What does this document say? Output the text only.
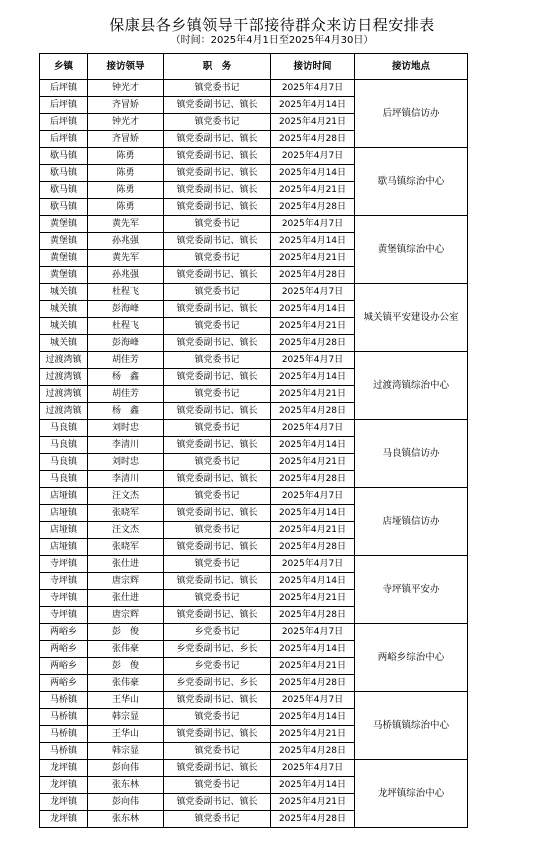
保康县各乡镇领导干部接待群众来访日程安排表
（时间：2025年4月1日至2025年4月30日）
乡镇	接访领导	职　务	接访时间	接访地点
后坪镇	钟光才	镇党委书记	2025年4月7日	后坪镇信访办
后坪镇	齐冒娇	镇党委副书记、镇长	2025年4月14日	
后坪镇	钟光才	镇党委书记	2025年4月21日	
后坪镇	齐冒娇	镇党委副书记、镇长	2025年4月28日	
歇马镇	陈勇	镇党委副书记、镇长	2025年4月7日	歇马镇综治中心
歇马镇	陈勇	镇党委副书记、镇长	2025年4月14日	
歇马镇	陈勇	镇党委副书记、镇长	2025年4月21日	
歇马镇	陈勇	镇党委副书记、镇长	2025年4月28日	
黄堡镇	黄先军	镇党委书记	2025年4月7日	黄堡镇综治中心
黄堡镇	孙兆强	镇党委副书记、镇长	2025年4月14日	
黄堡镇	黄先军	镇党委书记	2025年4月21日	
黄堡镇	孙兆强	镇党委副书记、镇长	2025年4月28日	
城关镇	杜程飞	镇党委书记	2025年4月7日	城关镇平安建设办公室
城关镇	彭海峰	镇党委副书记、镇长	2025年4月14日	
城关镇	杜程飞	镇党委书记	2025年4月21日	
城关镇	彭海峰	镇党委副书记、镇长	2025年4月28日	
过渡湾镇	胡佳芳	镇党委书记	2025年4月7日	过渡湾镇综治中心
过渡湾镇	杨　鑫	镇党委副书记、镇长	2025年4月14日	
过渡湾镇	胡佳芳	镇党委书记	2025年4月21日	
过渡湾镇	杨　鑫	镇党委副书记、镇长	2025年4月28日	
马良镇	刘时忠	镇党委书记	2025年4月7日	马良镇信访办
马良镇	李清川	镇党委副书记、镇长	2025年4月14日	
马良镇	刘时忠	镇党委书记	2025年4月21日	
马良镇	李清川	镇党委副书记、镇长	2025年4月28日	
店垭镇	汪文杰	镇党委书记	2025年4月7日	店垭镇信访办
店垭镇	张晓军	镇党委副书记、镇长	2025年4月14日	
店垭镇	汪文杰	镇党委书记	2025年4月21日	
店垭镇	张晓军	镇党委副书记、镇长	2025年4月28日	
寺坪镇	张仕进	镇党委书记	2025年4月7日	寺坪镇平安办
寺坪镇	唐宗辉	镇党委副书记、镇长	2025年4月14日	
寺坪镇	张仕进	镇党委书记	2025年4月21日	
寺坪镇	唐宗辉	镇党委副书记、镇长	2025年4月28日	
两峪乡	彭　俊	乡党委书记	2025年4月7日	两峪乡综治中心
两峪乡	张伟豪	乡党委副书记、乡长	2025年4月14日	
两峪乡	彭　俊	乡党委书记	2025年4月21日	
两峪乡	张伟豪	乡党委副书记、乡长	2025年4月28日	
马桥镇	王华山	镇党委副书记、镇长	2025年4月7日	马桥镇镇综治中心
马桥镇	韩宗显	镇党委书记	2025年4月14日	
马桥镇	王华山	镇党委副书记、镇长	2025年4月21日	
马桥镇	韩宗显	镇党委书记	2025年4月28日	
龙坪镇	彭向伟	镇党委副书记、镇长	2025年4月7日	龙坪镇综治中心
龙坪镇	张东林	镇党委书记	2025年4月14日	
龙坪镇	彭向伟	镇党委副书记、镇长	2025年4月21日	
龙坪镇	张东林	镇党委书记	2025年4月28日	
